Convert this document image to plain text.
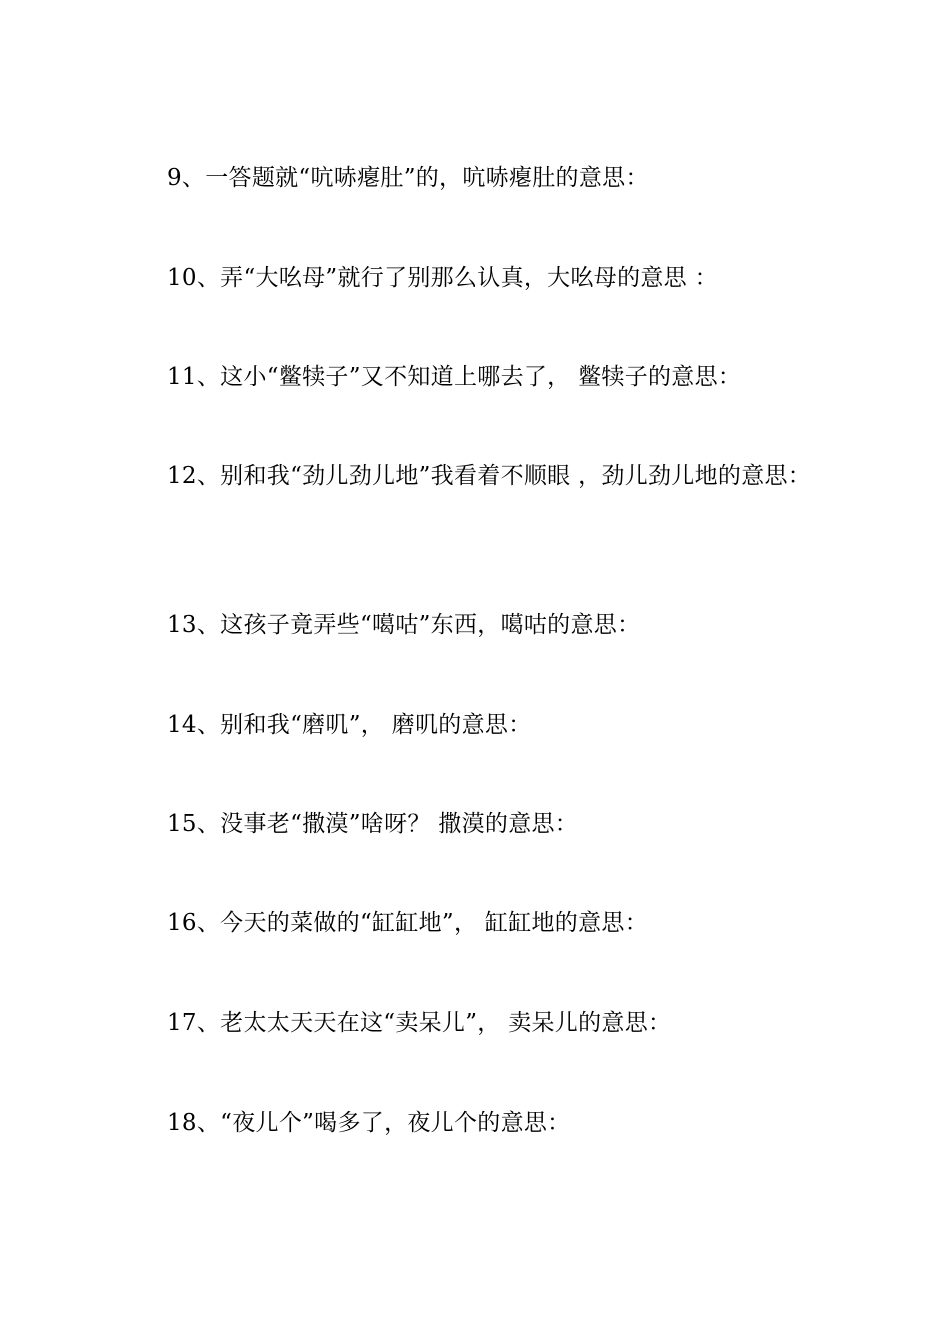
9、一答题就“吭哧瘪肚”的，吭哧瘪肚的意思：
10、弄“大吆母”就行了别那么认真，大吆母的意思 ：
11、这小“鳖犊子”又不知道上哪去了， 鳖犊子的意思：
12、别和我“劲儿劲儿地”我看着不顺眼 ，劲儿劲儿地的意思：
13、这孩子竟弄些“噶咕”东西，噶咕的意思：
14、别和我“磨叽”， 磨叽的意思：
15、没事老“撒漠”啥呀？ 撒漠的意思：
16、今天的菜做的“缸缸地”， 缸缸地的意思：
17、老太太天天在这“卖呆儿”， 卖呆儿的意思：
18、“夜儿个”喝多了，夜儿个的意思：
